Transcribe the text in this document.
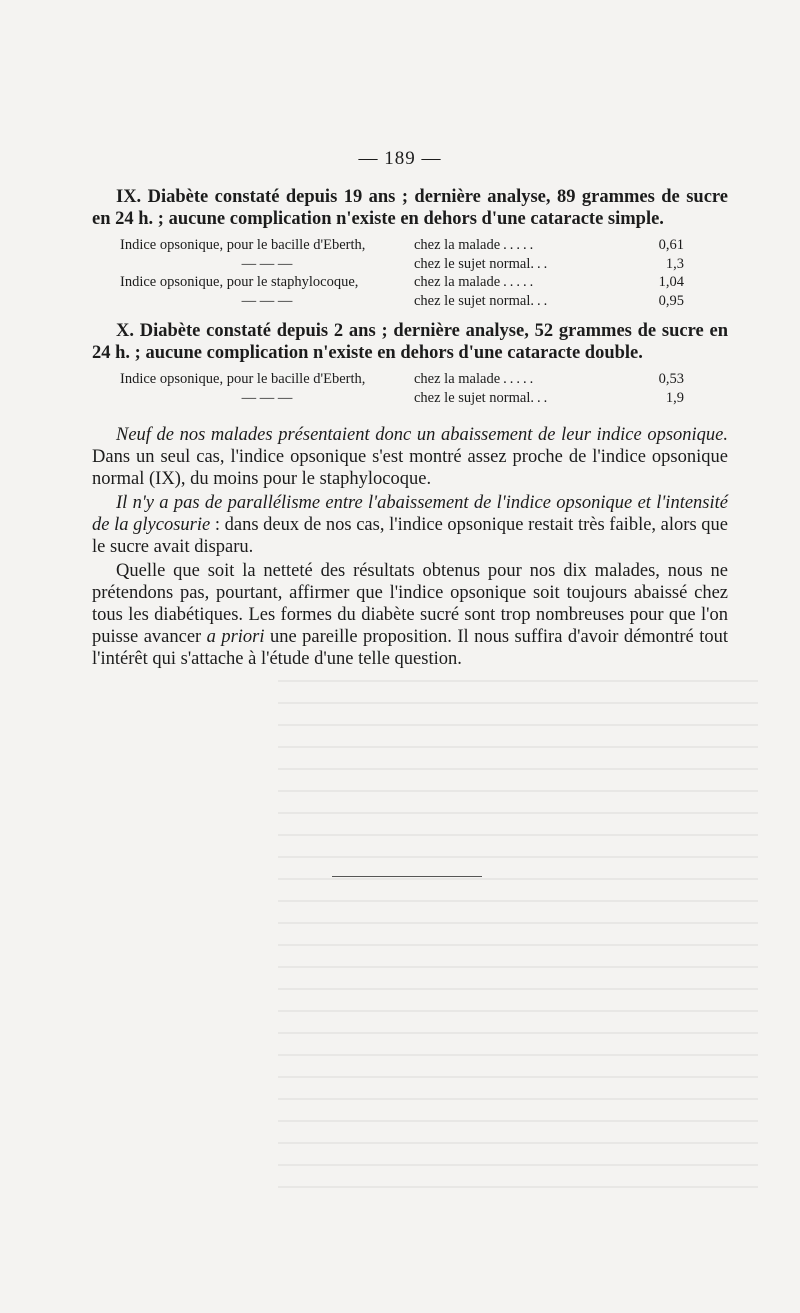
— 189 —

IX. Diabète constaté depuis 19 ans ; dernière analyse, 89 grammes de sucre en 24 h. ; aucune complication n'existe en dehors d'une cataracte simple.

Indice opsonique, pour le bacille d'Eberth,	chez la malade .....	0,61
— — —	chez le sujet normal. ..	1,3
Indice opsonique, pour le staphylocoque,	chez la malade .....	1,04
— — —	chez le sujet normal. ..	0,95

X. Diabète constaté depuis 2 ans ; dernière analyse, 52 grammes de sucre en 24 h. ; aucune complication n'existe en dehors d'une cataracte double.

Indice opsonique, pour le bacille d'Eberth,	chez la malade .....	0,53
— — —	chez le sujet normal. ..	1,9

Neuf de nos malades présentaient donc un abaissement de leur indice opsonique. Dans un seul cas, l'indice opsonique s'est montré assez proche de l'indice opsonique normal (IX), du moins pour le staphylocoque.

Il n'y a pas de parallélisme entre l'abaissement de l'indice opsonique et l'intensité de la glycosurie : dans deux de nos cas, l'indice opsonique restait très faible, alors que le sucre avait disparu.

Quelle que soit la netteté des résultats obtenus pour nos dix malades, nous ne prétendons pas, pourtant, affirmer que l'indice opsonique soit toujours abaissé chez tous les diabétiques. Les formes du diabète sucré sont trop nombreuses pour que l'on puisse avancer a priori une pareille proposition. Il nous suffira d'avoir démontré tout l'intérêt qui s'attache à l'étude d'une telle question.
